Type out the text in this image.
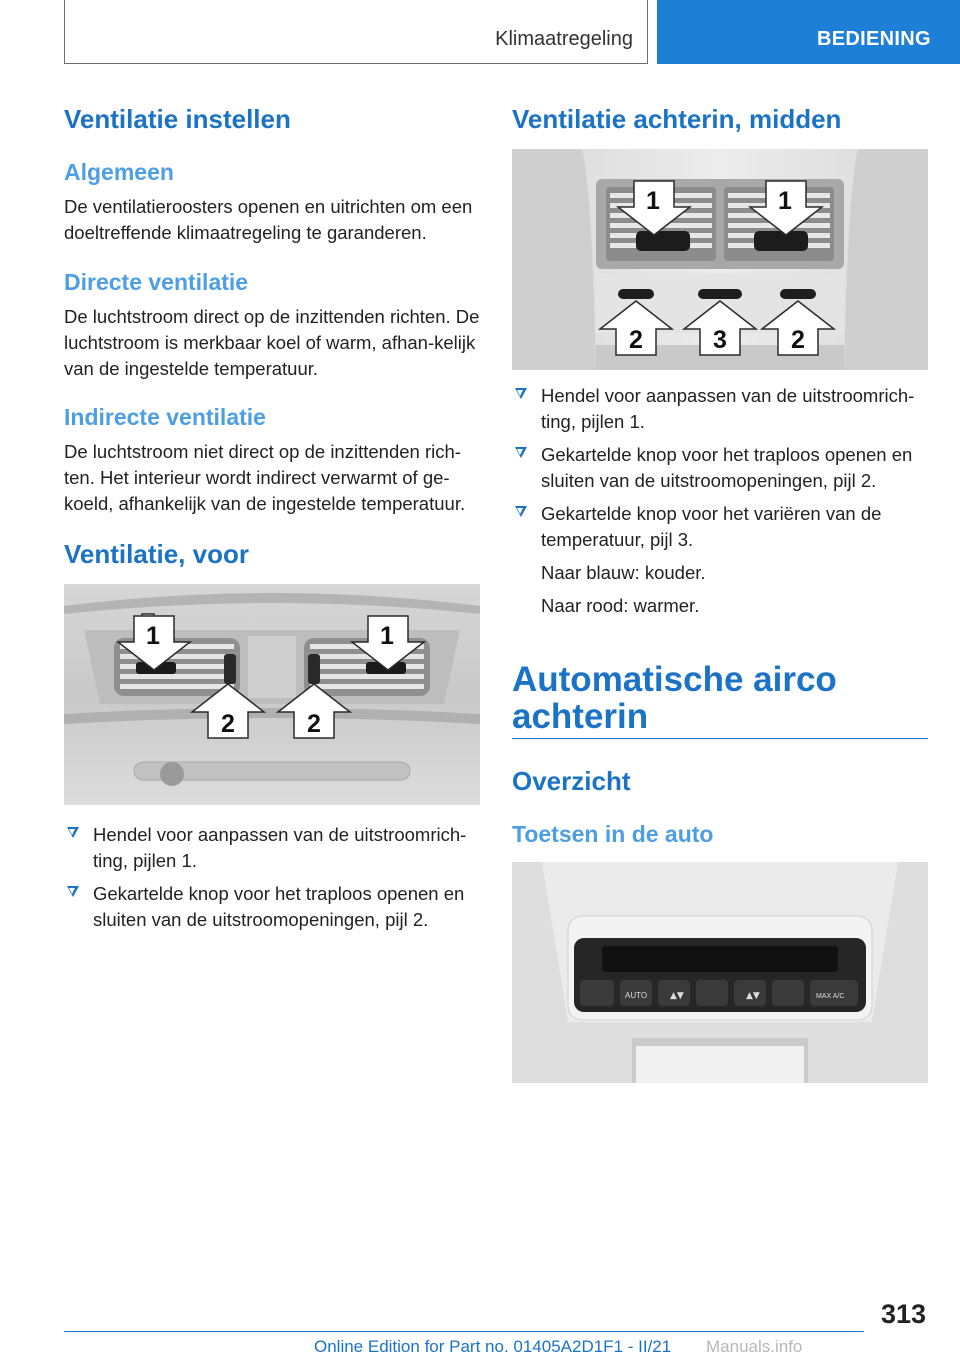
Klimaatregeling	BEDIENING
Ventilatie instellen
Algemeen

De ventilatieroosters openen en uitrichten om een doeltreffende klimaatregeling te garanderen.

Directe ventilatie

De luchtstroom direct op de inzittenden richten. De luchtstroom is merkbaar koel of warm, afhan-kelijk van de ingestelde temperatuur.

Indirecte ventilatie

De luchtstroom niet direct op de inzittenden rich-ten. Het interieur wordt indirect verwarmt of ge-koeld, afhankelijk van de ingestelde temperatuur.

Ventilatie, voor
1	1
2	2
Hendel voor aanpassen van de uitstroomrich-ting, pijlen 1.
Gekartelde knop voor het traploos openen en sluiten van de uitstroomopeningen, pijl 2.
Ventilatie achterin, midden
1	1
2	3	2
Hendel voor aanpassen van de uitstroomrich-ting, pijlen 1.
Gekartelde knop voor het traploos openen en sluiten van de uitstroomopeningen, pijl 2.
Gekartelde knop voor het variëren van de temperatuur, pijl 3.

Naar blauw: kouder.

Naar rood: warmer.

Automatische airco achterin
Overzicht
Toetsen in de auto
AUTO	MAX A/C
▲▼	▲▼
313
Online Edition for Part no. 01405A2D1F1 - II/21 Manuals.info
